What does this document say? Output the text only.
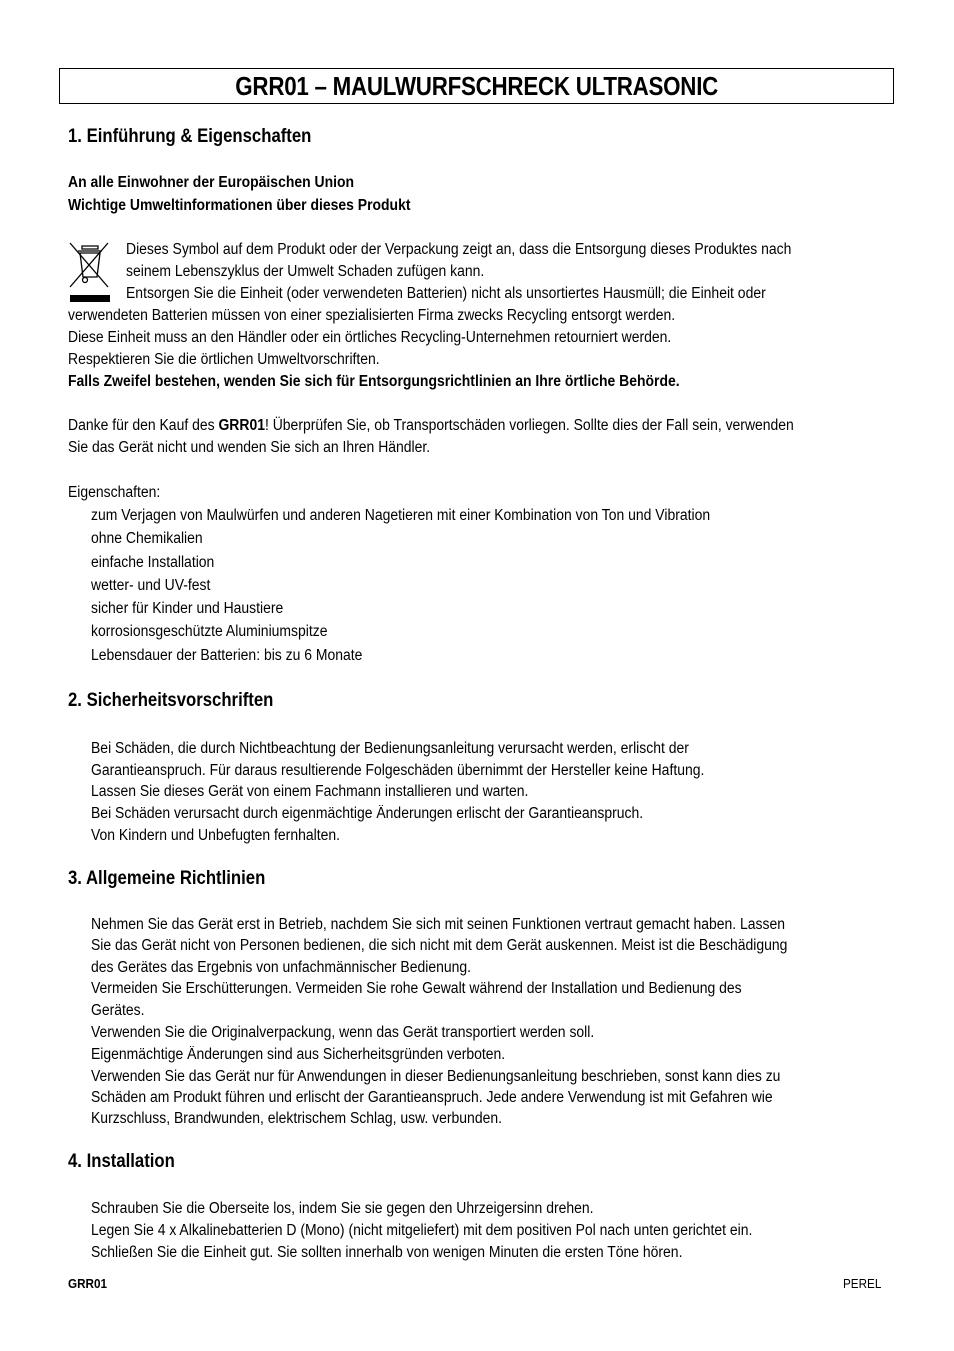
GRR01 – MAULWURFSCHRECK ULTRASONIC
1. Einführung & Eigenschaften
An alle Einwohner der Europäischen Union
Wichtige Umweltinformationen über dieses Produkt
Dieses Symbol auf dem Produkt oder der Verpackung zeigt an, dass die Entsorgung dieses Produktes nach
seinem Lebenszyklus der Umwelt Schaden zufügen kann.
Entsorgen Sie die Einheit (oder verwendeten Batterien) nicht als unsortiertes Hausmüll; die Einheit oder
verwendeten Batterien müssen von einer spezialisierten Firma zwecks Recycling entsorgt werden.
Diese Einheit muss an den Händler oder ein örtliches Recycling-Unternehmen retourniert werden.
Respektieren Sie die örtlichen Umweltvorschriften.
Falls Zweifel bestehen, wenden Sie sich für Entsorgungsrichtlinien an Ihre örtliche Behörde.
Danke für den Kauf des GRR01! Überprüfen Sie, ob Transportschäden vorliegen. Sollte dies der Fall sein, verwenden
Sie das Gerät nicht und wenden Sie sich an Ihren Händler.
Eigenschaften:
zum Verjagen von Maulwürfen und anderen Nagetieren mit einer Kombination von Ton und Vibration
ohne Chemikalien
einfache Installation
wetter- und UV-fest
sicher für Kinder und Haustiere
korrosionsgeschützte Aluminiumspitze
Lebensdauer der Batterien: bis zu 6 Monate
2. Sicherheitsvorschriften
Bei Schäden, die durch Nichtbeachtung der Bedienungsanleitung verursacht werden, erlischt der
Garantieanspruch. Für daraus resultierende Folgeschäden übernimmt der Hersteller keine Haftung.
Lassen Sie dieses Gerät von einem Fachmann installieren und warten.
Bei Schäden verursacht durch eigenmächtige Änderungen erlischt der Garantieanspruch.
Von Kindern und Unbefugten fernhalten.
3. Allgemeine Richtlinien
Nehmen Sie das Gerät erst in Betrieb, nachdem Sie sich mit seinen Funktionen vertraut gemacht haben. Lassen
Sie das Gerät nicht von Personen bedienen, die sich nicht mit dem Gerät auskennen. Meist ist die Beschädigung
des Gerätes das Ergebnis von unfachmännischer Bedienung.
Vermeiden Sie Erschütterungen. Vermeiden Sie rohe Gewalt während der Installation und Bedienung des
Gerätes.
Verwenden Sie die Originalverpackung, wenn das Gerät transportiert werden soll.
Eigenmächtige Änderungen sind aus Sicherheitsgründen verboten.
Verwenden Sie das Gerät nur für Anwendungen in dieser Bedienungsanleitung beschrieben, sonst kann dies zu
Schäden am Produkt führen und erlischt der Garantieanspruch. Jede andere Verwendung ist mit Gefahren wie
Kurzschluss, Brandwunden, elektrischem Schlag, usw. verbunden.
4. Installation
Schrauben Sie die Oberseite los, indem Sie sie gegen den Uhrzeigersinn drehen.
Legen Sie 4 x Alkalinebatterien D (Mono) (nicht mitgeliefert) mit dem positiven Pol nach unten gerichtet ein.
Schließen Sie die Einheit gut. Sie sollten innerhalb von wenigen Minuten die ersten Töne hören.
GRR01	PEREL
